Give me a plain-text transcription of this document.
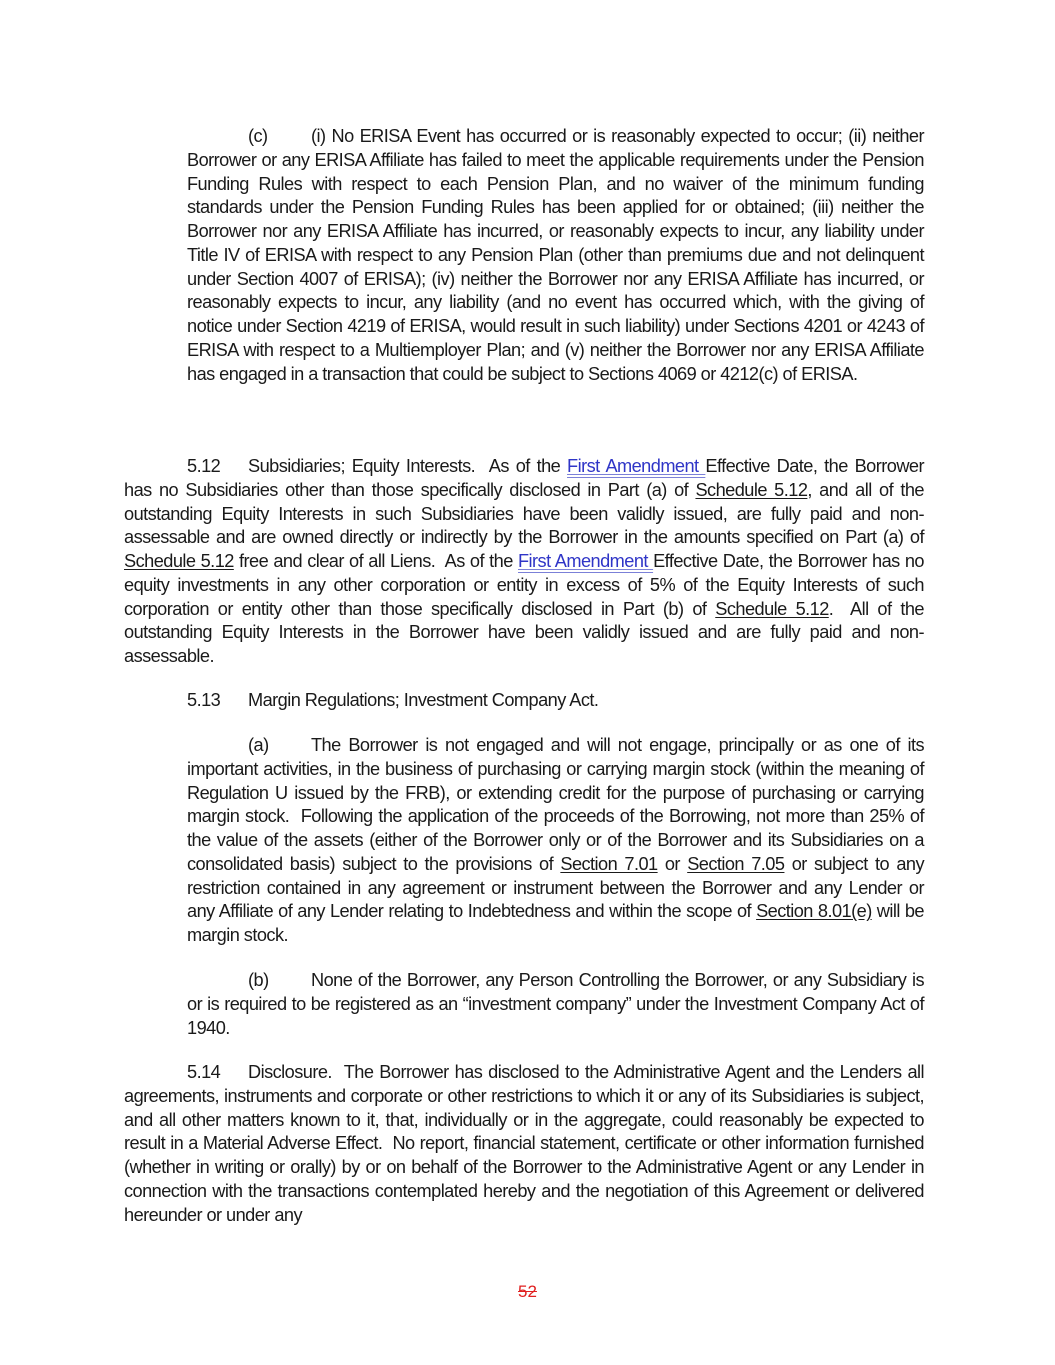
(c) (i) No ERISA Event has occurred or is reasonably expected to occur; (ii) neither Borrower or any ERISA Affiliate has failed to meet the applicable requirements under the Pension Funding Rules with respect to each Pension Plan, and no waiver of the minimum funding standards under the Pension Funding Rules has been applied for or obtained; (iii) neither the Borrower nor any ERISA Affiliate has incurred, or reasonably expects to incur, any liability under Title IV of ERISA with respect to any Pension Plan (other than premiums due and not delinquent under Section 4007 of ERISA); (iv) neither the Borrower nor any ERISA Affiliate has incurred, or reasonably expects to incur, any liability (and no event has occurred which, with the giving of notice under Section 4219 of ERISA, would result in such liability) under Sections 4201 or 4243 of ERISA with respect to a Multiemployer Plan; and (v) neither the Borrower nor any ERISA Affiliate has engaged in a transaction that could be subject to Sections 4069 or 4212(c) of ERISA.
5.12 Subsidiaries; Equity Interests. As of the First Amendment Effective Date, the Borrower has no Subsidiaries other than those specifically disclosed in Part (a) of Schedule 5.12, and all of the outstanding Equity Interests in such Subsidiaries have been validly issued, are fully paid and non-assessable and are owned directly or indirectly by the Borrower in the amounts specified on Part (a) of Schedule 5.12 free and clear of all Liens.  As of the First Amendment Effective Date, the Borrower has no equity investments in any other corporation or entity in excess of 5% of the Equity Interests of such corporation or entity other than those specifically disclosed in Part (b) of Schedule 5.12.  All of the outstanding Equity Interests in the Borrower have been validly issued and are fully paid and non-assessable.
5.13 Margin Regulations; Investment Company Act.
(a) The Borrower is not engaged and will not engage, principally or as one of its important activities, in the business of purchasing or carrying margin stock (within the meaning of Regulation U issued by the FRB), or extending credit for the purpose of purchasing or carrying margin stock.  Following the application of the proceeds of the Borrowing, not more than 25% of the value of the assets (either of the Borrower only or of the Borrower and its Subsidiaries on a consolidated basis) subject to the provisions of Section 7.01 or Section 7.05 or subject to any restriction contained in any agreement or instrument between the Borrower and any Lender or any Affiliate of any Lender relating to Indebtedness and within the scope of Section 8.01(e) will be margin stock.
(b) None of the Borrower, any Person Controlling the Borrower, or any Subsidiary is or is required to be registered as an “investment company” under the Investment Company Act of 1940.
5.14 Disclosure. The Borrower has disclosed to the Administrative Agent and the Lenders all agreements, instruments and corporate or other restrictions to which it or any of its Subsidiaries is subject, and all other matters known to it, that, individually or in the aggregate, could reasonably be expected to result in a Material Adverse Effect.  No report, financial statement, certificate or other information furnished (whether in writing or orally) by or on behalf of the Borrower to the Administrative Agent or any Lender in connection with the transactions contemplated hereby and the negotiation of this Agreement or delivered hereunder or under any
52
